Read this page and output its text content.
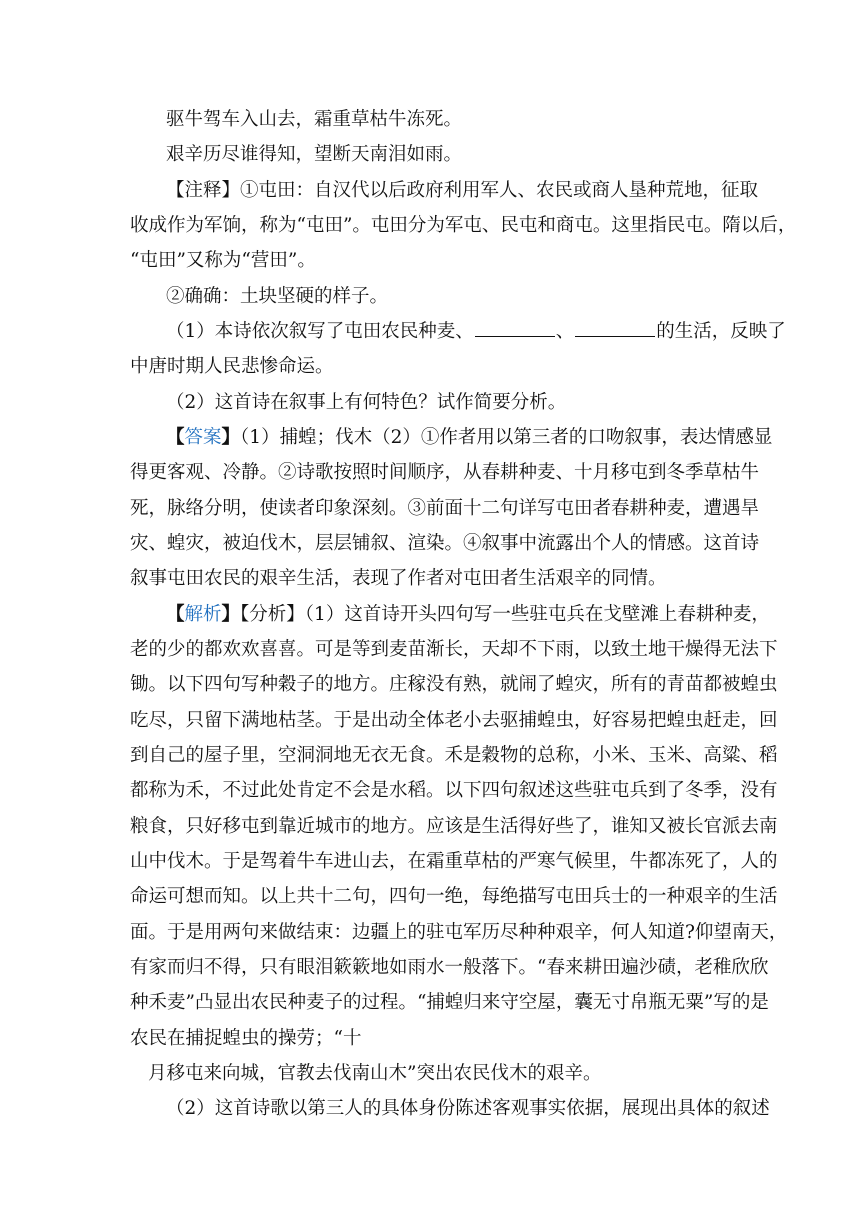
驱牛驾车入山去，霜重草枯牛冻死。
艰辛历尽谁得知，望断天南泪如雨。
【注释】①屯田：自汉代以后政府利用军人、农民或商人垦种荒地，征取
收成作为军饷，称为“屯田”。屯田分为军屯、民屯和商屯。这里指民屯。隋以后，
“屯田”又称为“营田”。
②确确：土块坚硬的样子。
（1）本诗依次叙写了屯田农民种麦、	、	的生活，反映了
中唐时期人民悲惨命运。
（2）这首诗在叙事上有何特色？试作简要分析。
【答案】（1）捕蝗；伐木（2）①作者用以第三者的口吻叙事，表达情感显
得更客观、冷静。②诗歌按照时间顺序，从春耕种麦、十月移屯到冬季草枯牛
死，脉络分明，使读者印象深刻。③前面十二句详写屯田者春耕种麦，遭遇旱
灾、蝗灾，被迫伐木，层层铺叙、渲染。④叙事中流露出个人的情感。这首诗
叙事屯田农民的艰辛生活，表现了作者对屯田者生活艰辛的同情。
【解析】【分析】（1）这首诗开头四句写一些驻屯兵在戈壁滩上春耕种麦，
老的少的都欢欢喜喜。可是等到麦苗渐长，天却不下雨，以致土地干燥得无法下
锄。以下四句写种穀子的地方。庄稼没有熟，就闹了蝗灾，所有的青苗都被蝗虫
吃尽，只留下满地枯茎。于是出动全体老小去驱捕蝗虫，好容易把蝗虫赶走，回
到自己的屋子里，空洞洞地无衣无食。禾是穀物的总称，小米、玉米、高粱、稻
都称为禾，不过此处肯定不会是水稻。以下四句叙述这些驻屯兵到了冬季，没有
粮食，只好移屯到靠近城市的地方。应该是生活得好些了，谁知又被长官派去南
山中伐木。于是驾着牛车进山去，在霜重草枯的严寒气候里，牛都冻死了，人的
命运可想而知。以上共十二句，四句一绝，每绝描写屯田兵士的一种艰辛的生活
面。于是用两句来做结束：边疆上的驻屯军历尽种种艰辛，何人知道?仰望南天，
有家而归不得，只有眼泪簌簌地如雨水一般落下。“春来耕田遍沙碛，老稚欣欣
种禾麦”凸显出农民种麦子的过程。“捕蝗归来守空屋，囊无寸帛瓶无粟”写的是
农民在捕捉蝗虫的操劳；“十
月移屯来向城，官教去伐南山木”突出农民伐木的艰辛。
（2）这首诗歌以第三人的具体身份陈述客观事实依据，展现出具体的叙述
